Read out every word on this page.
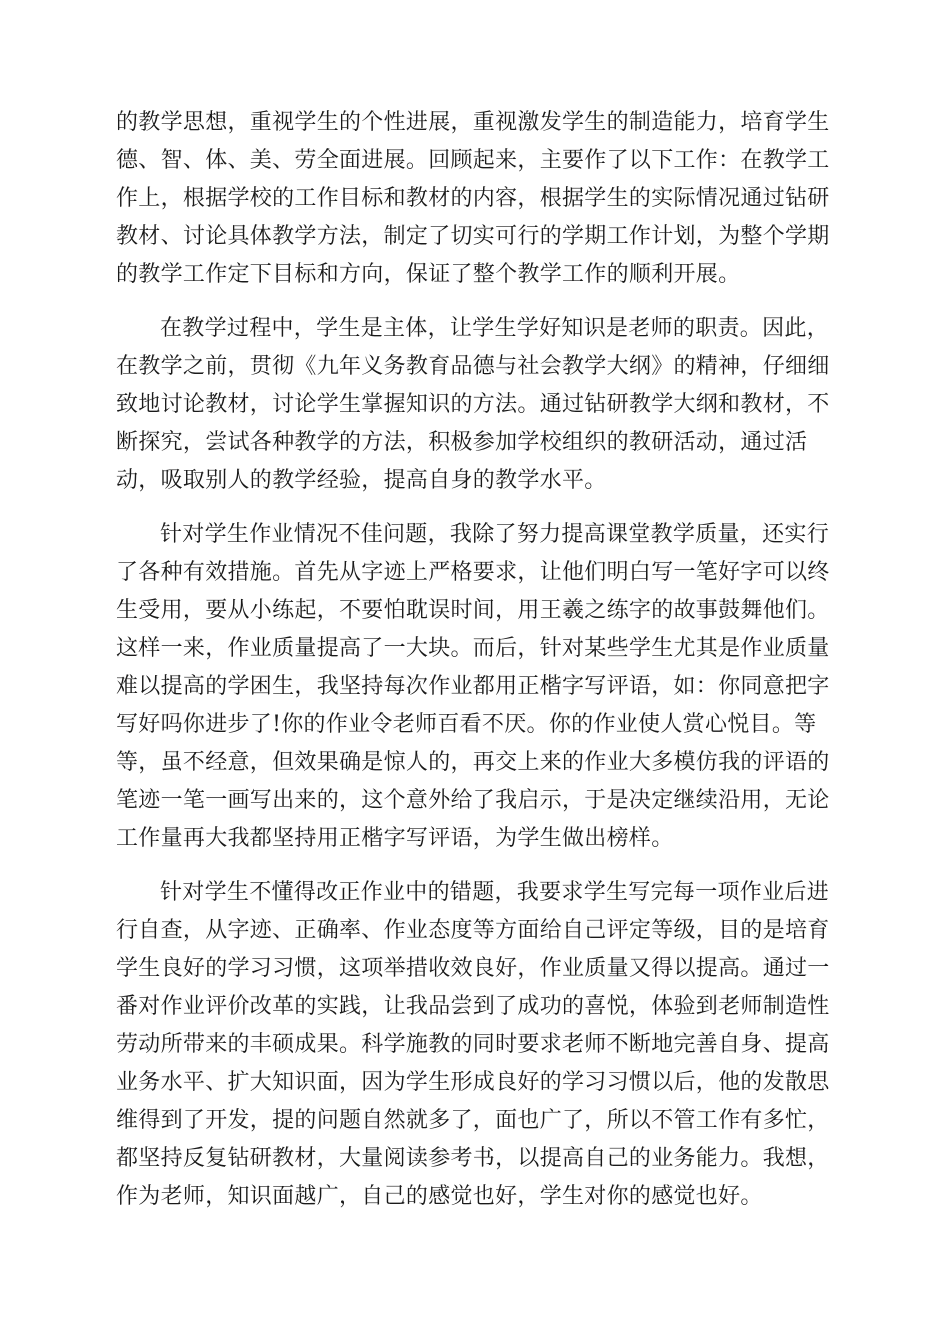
的教学思想，重视学生的个性进展，重视激发学生的制造能力，培育学生
德、智、体、美、劳全面进展。回顾起来，主要作了以下工作：在教学工
作上，根据学校的工作目标和教材的内容，根据学生的实际情况通过钻研
教材、讨论具体教学方法，制定了切实可行的学期工作计划，为整个学期
的教学工作定下目标和方向，保证了整个教学工作的顺利开展。

在教学过程中，学生是主体，让学生学好知识是老师的职责。因此，
在教学之前，贯彻《九年义务教育品德与社会教学大纲》的精神，仔细细
致地讨论教材，讨论学生掌握知识的方法。通过钻研教学大纲和教材，不
断探究，尝试各种教学的方法，积极参加学校组织的教研活动，通过活
动，吸取别人的教学经验，提高自身的教学水平。

针对学生作业情况不佳问题，我除了努力提高课堂教学质量，还实行
了各种有效措施。首先从字迹上严格要求，让他们明白写一笔好字可以终
生受用，要从小练起，不要怕耽误时间，用王羲之练字的故事鼓舞他们。
这样一来，作业质量提高了一大块。而后，针对某些学生尤其是作业质量
难以提高的学困生，我坚持每次作业都用正楷字写评语，如：你同意把字
写好吗你进步了!你的作业令老师百看不厌。你的作业使人赏心悦目。等
等，虽不经意，但效果确是惊人的，再交上来的作业大多模仿我的评语的
笔迹一笔一画写出来的，这个意外给了我启示，于是决定继续沿用，无论
工作量再大我都坚持用正楷字写评语，为学生做出榜样。

针对学生不懂得改正作业中的错题，我要求学生写完每一项作业后进
行自查，从字迹、正确率、作业态度等方面给自己评定等级，目的是培育
学生良好的学习习惯，这项举措收效良好，作业质量又得以提高。通过一
番对作业评价改革的实践，让我品尝到了成功的喜悦，体验到老师制造性
劳动所带来的丰硕成果。科学施教的同时要求老师不断地完善自身、提高
业务水平、扩大知识面，因为学生形成良好的学习习惯以后，他的发散思
维得到了开发，提的问题自然就多了，面也广了，所以不管工作有多忙，
都坚持反复钻研教材，大量阅读参考书，以提高自己的业务能力。我想，
作为老师，知识面越广，自己的感觉也好，学生对你的感觉也好。
